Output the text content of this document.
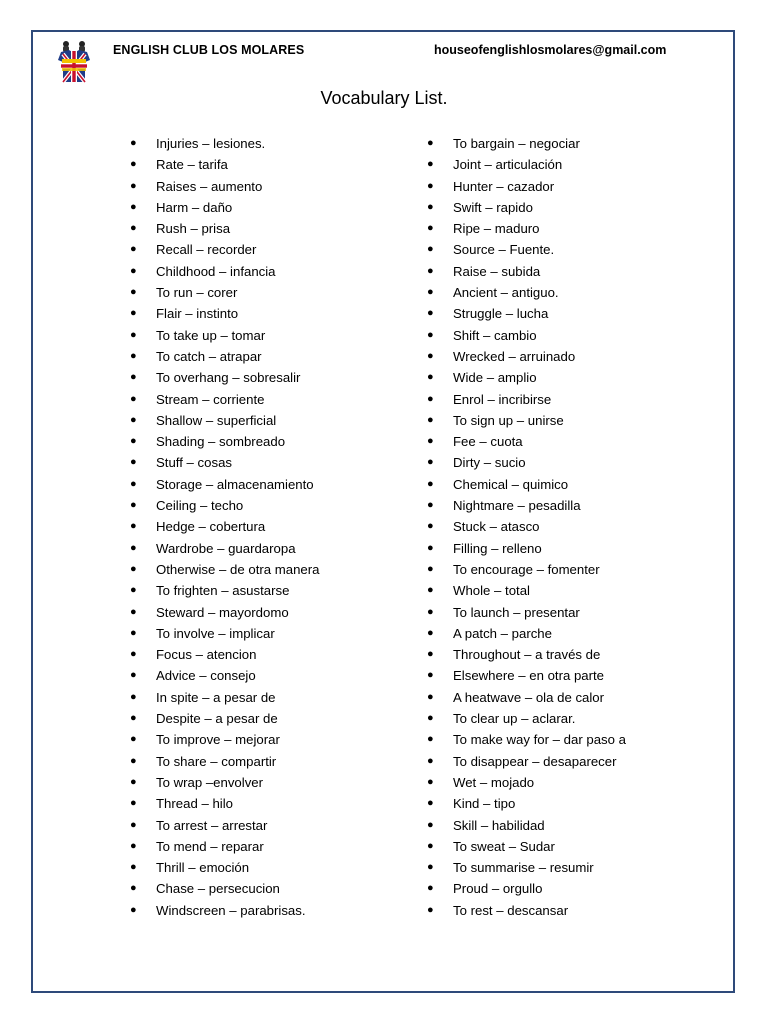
ENGLISH CLUB LOS MOLARES	houseofenglishlosmolares@gmail.com
Vocabulary List.
● Injuries – lesiones.
● Rate – tarifa
● Raises – aumento
● Harm – daño
● Rush – prisa
● Recall – recorder
● Childhood – infancia
● To run – corer
● Flair – instinto
● To take up – tomar
● To catch – atrapar
● To overhang – sobresalir
● Stream – corriente
● Shallow – superficial
● Shading – sombreado
● Stuff – cosas
● Storage – almacenamiento
● Ceiling – techo
● Hedge – cobertura
● Wardrobe – guardaropa
● Otherwise – de otra manera
● To frighten – asustarse
● Steward – mayordomo
● To involve – implicar
● Focus – atencion
● Advice – consejo
● In spite – a pesar de
● Despite – a pesar de
● To improve – mejorar
● To share – compartir
● To wrap –envolver
● Thread – hilo
● To arrest – arrestar
● To mend – reparar
● Thrill – emoción
● Chase – persecucion
● Windscreen – parabrisas.
● To bargain – negociar
● Joint – articulación
● Hunter – cazador
● Swift – rapido
● Ripe – maduro
● Source – Fuente.
● Raise – subida
● Ancient – antiguo.
● Struggle – lucha
● Shift – cambio
● Wrecked – arruinado
● Wide – amplio
● Enrol – incribirse
● To sign up – unirse
● Fee – cuota
● Dirty – sucio
● Chemical – quimico
● Nightmare – pesadilla
● Stuck – atasco
● Filling – relleno
● To encourage – fomenter
● Whole – total
● To launch – presentar
● A patch – parche
● Throughout – a través de
● Elsewhere – en otra parte
● A heatwave – ola de calor
● To clear up – aclarar.
● To make way for – dar paso a
● To disappear – desaparecer
● Wet – mojado
● Kind – tipo
● Skill – habilidad
● To sweat – Sudar
● To summarise – resumir
● Proud – orgullo
● To rest – descansar
